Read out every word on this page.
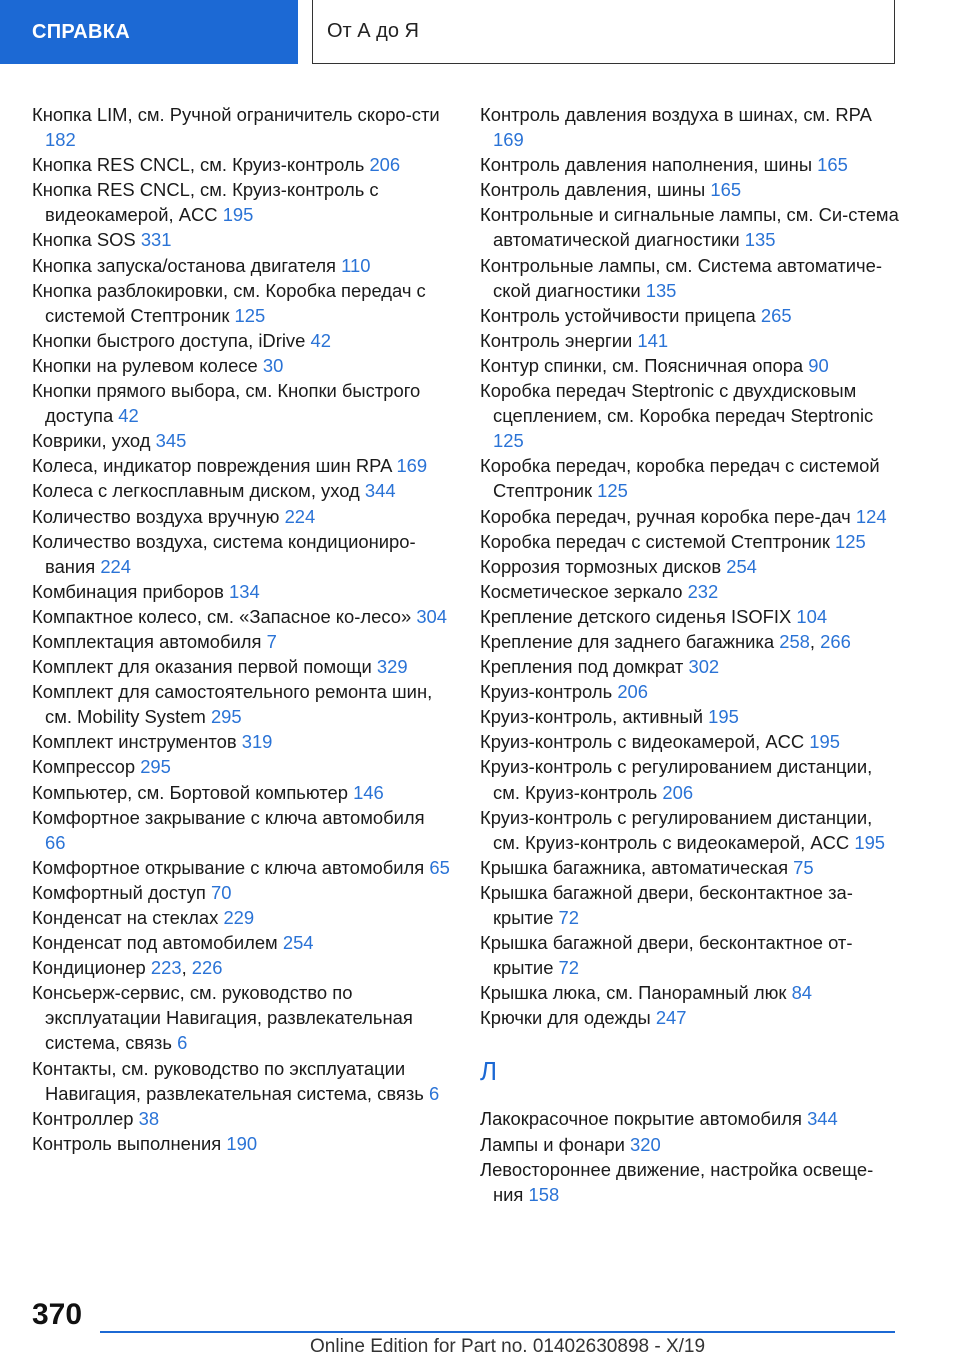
СПРАВКА	От А до Я

Кнопка LIM, см. Ручной ограничитель скоро-сти 182

Кнопка RES CNCL, см. Круиз-контроль 206

Кнопка RES CNCL, см. Круиз-контроль с видеокамерой, ACC 195

Кнопка SOS 331

Кнопка запуска/останова двигателя 110

Кнопка разблокировки, см. Коробка передач с системой Стептроник 125

Кнопки быстрого доступа, iDrive 42

Кнопки на рулевом колесе 30

Кнопки прямого выбора, см. Кнопки быстрого доступа 42

Коврики, уход 345

Колеса, индикатор повреждения шин RPA 169

Колеса с легкосплавным диском, уход 344

Количество воздуха вручную 224

Количество воздуха, система кондициониро-вания 224

Комбинация приборов 134

Компактное колесо, см. «Запасное ко-лесо» 304

Комплектация автомобиля 7

Комплект для оказания первой помощи 329

Комплект для самостоятельного ремонта шин, см. Mobility System 295

Комплект инструментов 319

Компрессор 295

Компьютер, см. Бортовой компьютер 146

Комфортное закрывание с ключа автомобиля 66

Комфортное открывание с ключа автомобиля 65

Комфортный доступ 70

Конденсат на стеклах 229

Конденсат под автомобилем 254

Кондиционер 223, 226

Консьерж-сервис, см. руководство по эксплуатации Навигация, развлекательная система, связь 6

Контакты, см. руководство по эксплуатации Навигация, развлекательная система, связь 6

Контроллер 38

Контроль выполнения 190

Контроль давления воздуха в шинах, см. RPA 169

Контроль давления наполнения, шины 165

Контроль давления, шины 165

Контрольные и сигнальные лампы, см. Си-стема автоматической диагностики 135

Контрольные лампы, см. Система автоматиче-ской диагностики 135

Контроль устойчивости прицепа 265

Контроль энергии 141

Контур спинки, см. Поясничная опора 90

Коробка передач Steptronic с двухдисковым сцеплением, см. Коробка передач Steptronic 125

Коробка передач, коробка передач с системой Стептроник 125

Коробка передач, ручная коробка пере-дач 124

Коробка передач с системой Стептроник 125

Коррозия тормозных дисков 254

Косметическое зеркало 232

Крепление детского сиденья ISOFIX 104

Крепление для заднего багажника 258, 266

Крепления под домкрат 302

Круиз-контроль 206

Круиз-контроль, активный 195

Круиз-контроль с видеокамерой, ACC 195

Круиз-контроль с регулированием дистанции, см. Круиз-контроль 206

Круиз-контроль с регулированием дистанции, см. Круиз-контроль с видеокамерой, ACC 195

Крышка багажника, автоматическая 75

Крышка багажной двери, бесконтактное за-крытие 72

Крышка багажной двери, бесконтактное от-крытие 72

Крышка люка, см. Панорамный люк 84

Крючки для одежды 247

Л

Лакокрасочное покрытие автомобиля 344

Лампы и фонари 320

Левостороннее движение, настройка освеще-ния 158

370
Online Edition for Part no. 01402630898 - X/19
